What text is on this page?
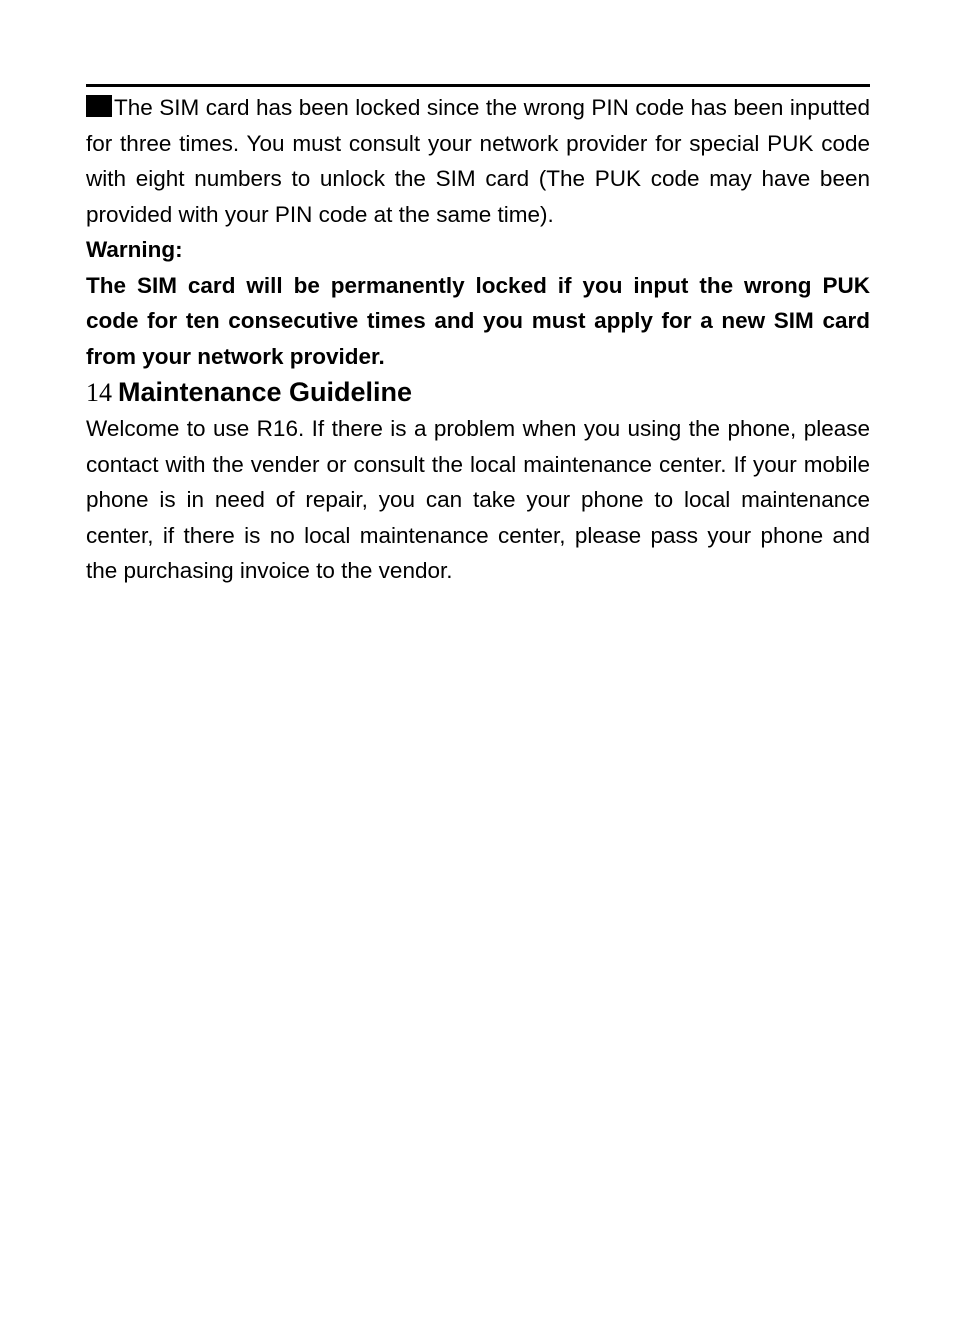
The SIM card has been locked since the wrong PIN code has been inputted for three times. You must consult your network provider for special PUK code with eight numbers to unlock the SIM card (The PUK code may have been provided with your PIN code at the same time).

Warning:

The SIM card will be permanently locked if you input the wrong PUK code for ten consecutive times and you must apply for a new SIM card from your network provider.

14 Maintenance Guideline

Welcome to use R16. If there is a problem when you using the phone, please contact with the vender or consult the local maintenance center. If your mobile phone is in need of repair, you can take your phone to local maintenance center, if there is no local maintenance center, please pass your phone and the purchasing invoice to the vendor.
